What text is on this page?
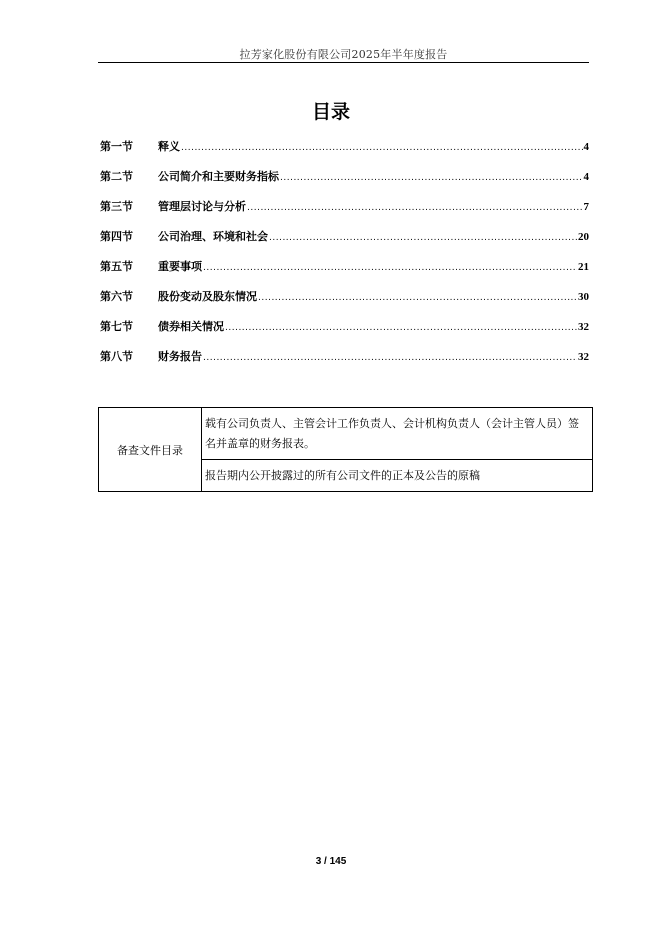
拉芳家化股份有限公司2025年半年度报告
目录
第一节	释义 .....	4
第二节	公司简介和主要财务指标 .....	4
第三节	管理层讨论与分析 .....	7
第四节	公司治理、环境和社会 .....	20
第五节	重要事项 .....	21
第六节	股份变动及股东情况 .....	30
第七节	债券相关情况 .....	32
第八节	财务报告 .....	32
备查文件目录	载有公司负责人、主管会计工作负责人、会计机构负责人（会计主管人员）签名并盖章的财务报表。
报告期内公开披露过的所有公司文件的正本及公告的原稿
3 / 145
